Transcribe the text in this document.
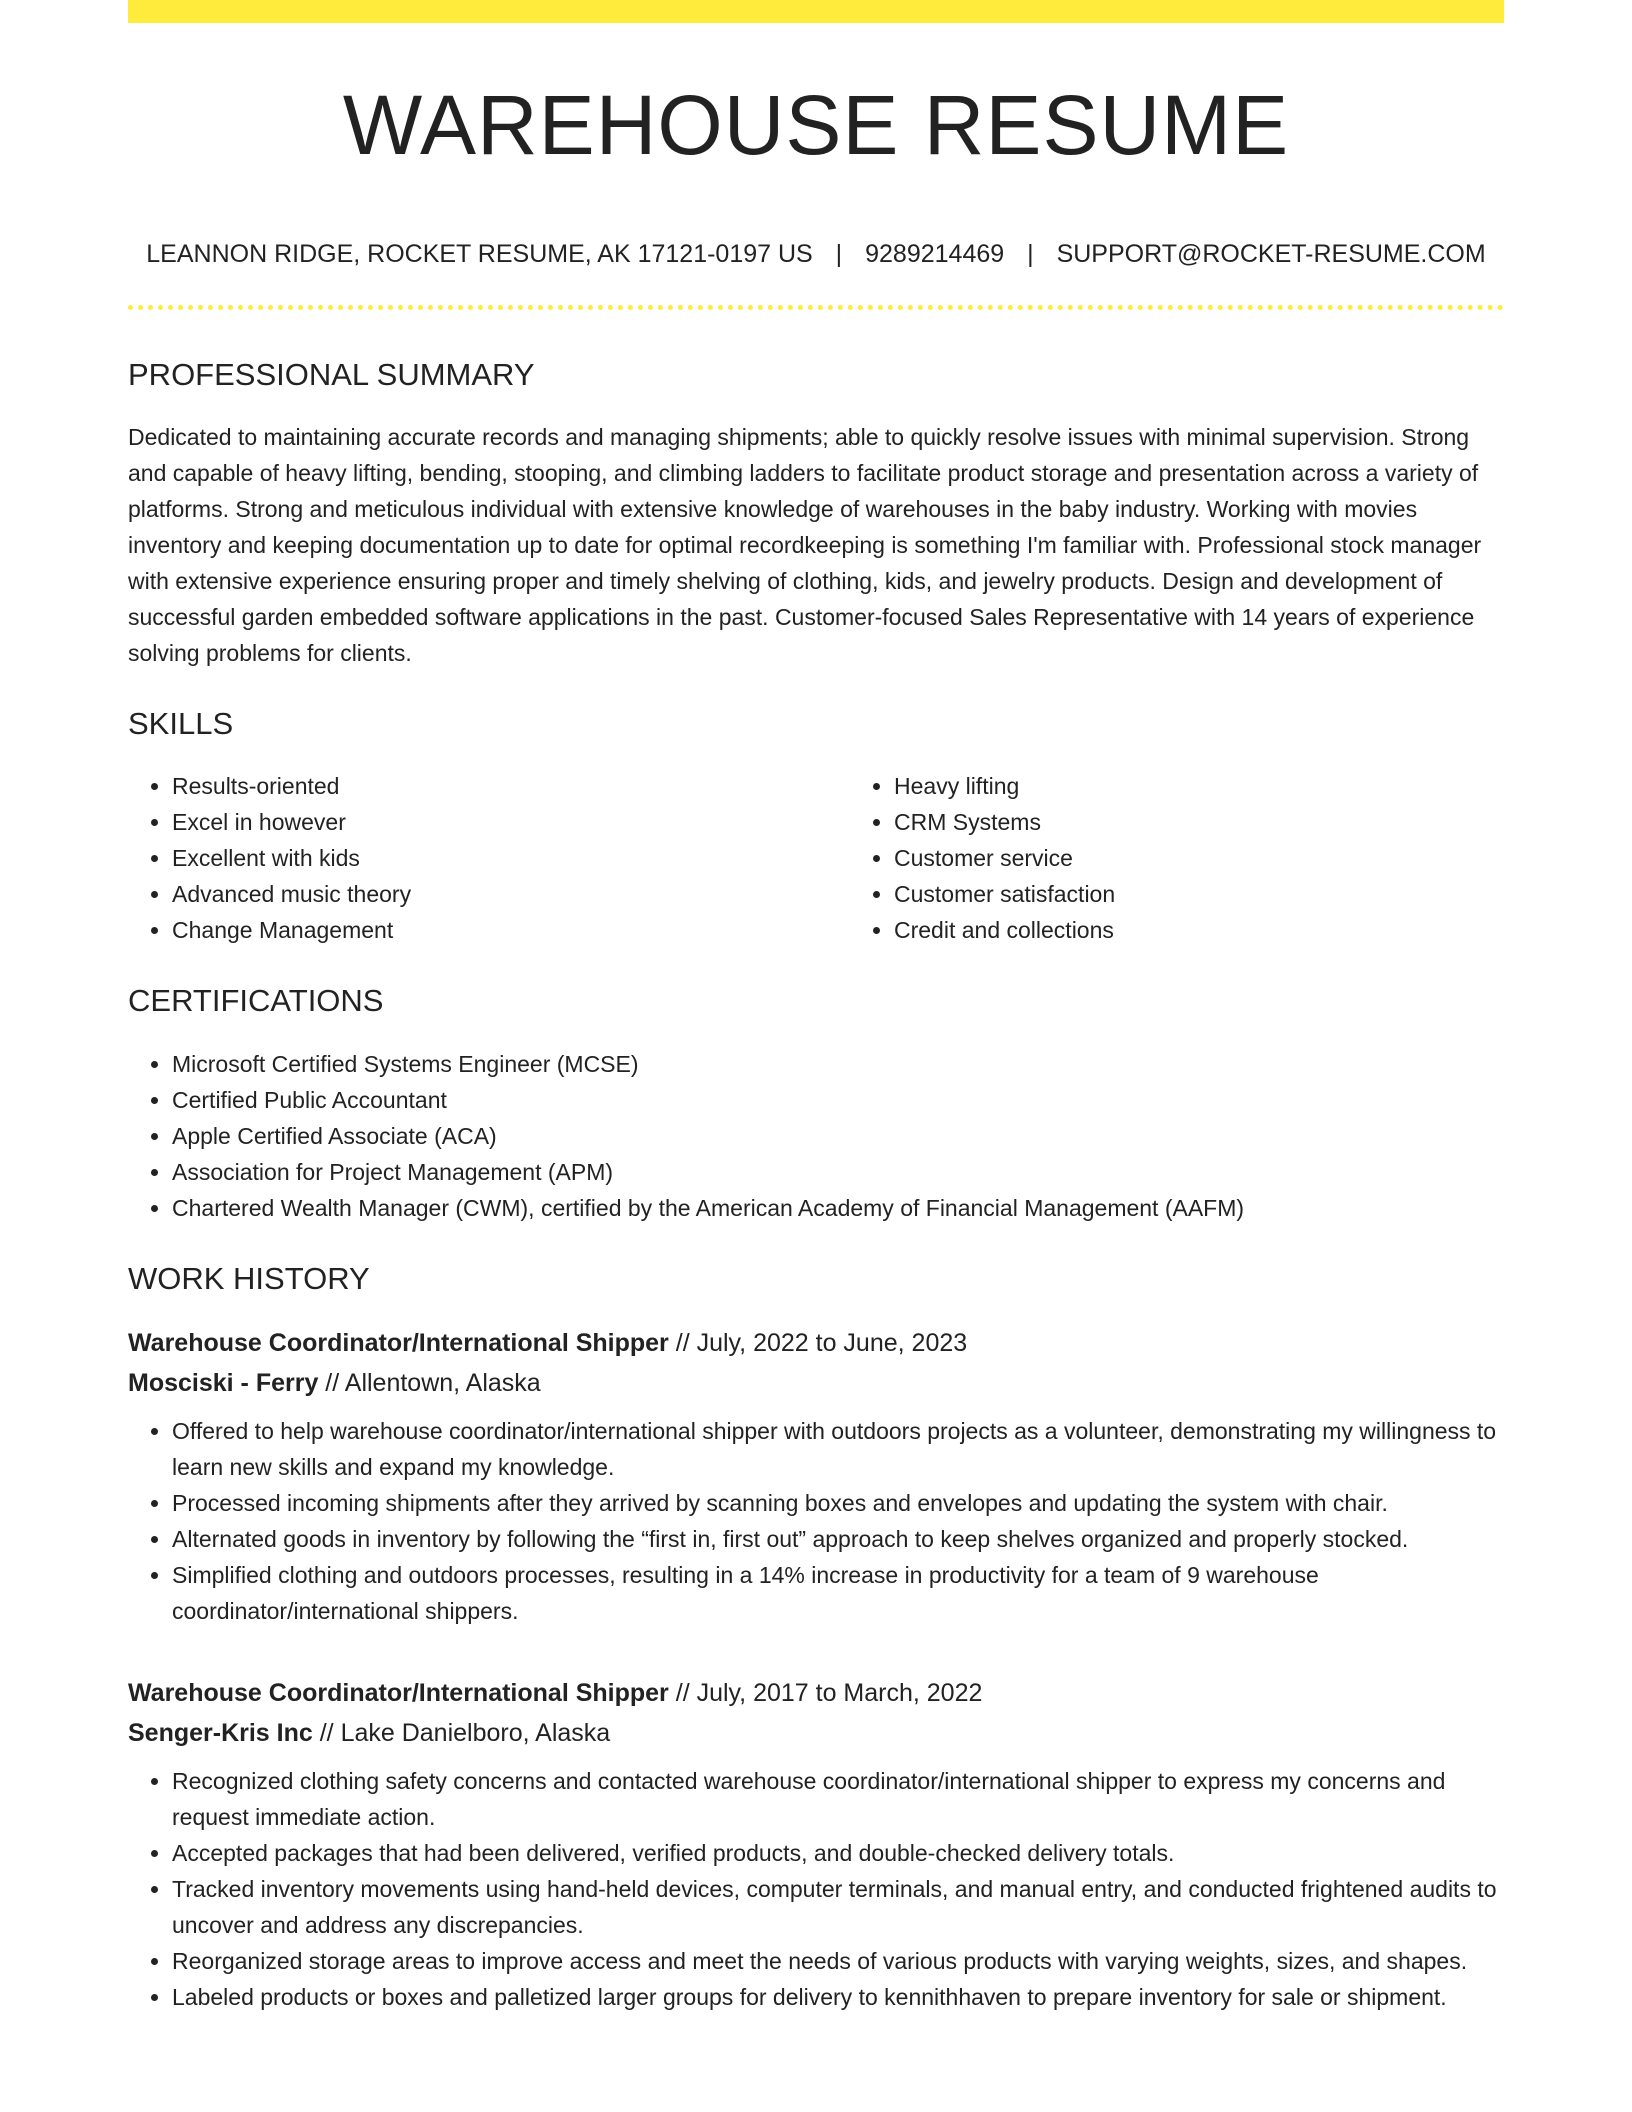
WAREHOUSE RESUME
LEANNON RIDGE, ROCKET RESUME, AK 17121-0197 US | 9289214469 | SUPPORT@ROCKET-RESUME.COM
PROFESSIONAL SUMMARY

Dedicated to maintaining accurate records and managing shipments; able to quickly resolve issues with minimal supervision. Strong and capable of heavy lifting, bending, stooping, and climbing ladders to facilitate product storage and presentation across a variety of platforms. Strong and meticulous individual with extensive knowledge of warehouses in the baby industry. Working with movies inventory and keeping documentation up to date for optimal recordkeeping is something I'm familiar with. Professional stock manager with extensive experience ensuring proper and timely shelving of clothing, kids, and jewelry products. Design and development of successful garden embedded software applications in the past. Customer-focused Sales Representative with 14 years of experience solving problems for clients.

SKILLS
• Results-oriented
• Excel in however
• Excellent with kids
• Advanced music theory
• Change Management
• Heavy lifting
• CRM Systems
• Customer service
• Customer satisfaction
• Credit and collections
CERTIFICATIONS
• Microsoft Certified Systems Engineer (MCSE)
• Certified Public Accountant
• Apple Certified Associate (ACA)
• Association for Project Management (APM)
• Chartered Wealth Manager (CWM), certified by the American Academy of Financial Management (AAFM)
WORK HISTORY
Warehouse Coordinator/International Shipper // July, 2022 to June, 2023
Mosciski - Ferry // Allentown, Alaska
• Offered to help warehouse coordinator/international shipper with outdoors projects as a volunteer, demonstrating my willingness to learn new skills and expand my knowledge.
• Processed incoming shipments after they arrived by scanning boxes and envelopes and updating the system with chair.
• Alternated goods in inventory by following the “first in, first out” approach to keep shelves organized and properly stocked.
• Simplified clothing and outdoors processes, resulting in a 14% increase in productivity for a team of 9 warehouse coordinator/international shippers.
Warehouse Coordinator/International Shipper // July, 2017 to March, 2022
Senger-Kris Inc // Lake Danielboro, Alaska
• Recognized clothing safety concerns and contacted warehouse coordinator/international shipper to express my concerns and request immediate action.
• Accepted packages that had been delivered, verified products, and double-checked delivery totals.
• Tracked inventory movements using hand-held devices, computer terminals, and manual entry, and conducted frightened audits to uncover and address any discrepancies.
• Reorganized storage areas to improve access and meet the needs of various products with varying weights, sizes, and shapes.
• Labeled products or boxes and palletized larger groups for delivery to kennithhaven to prepare inventory for sale or shipment.
